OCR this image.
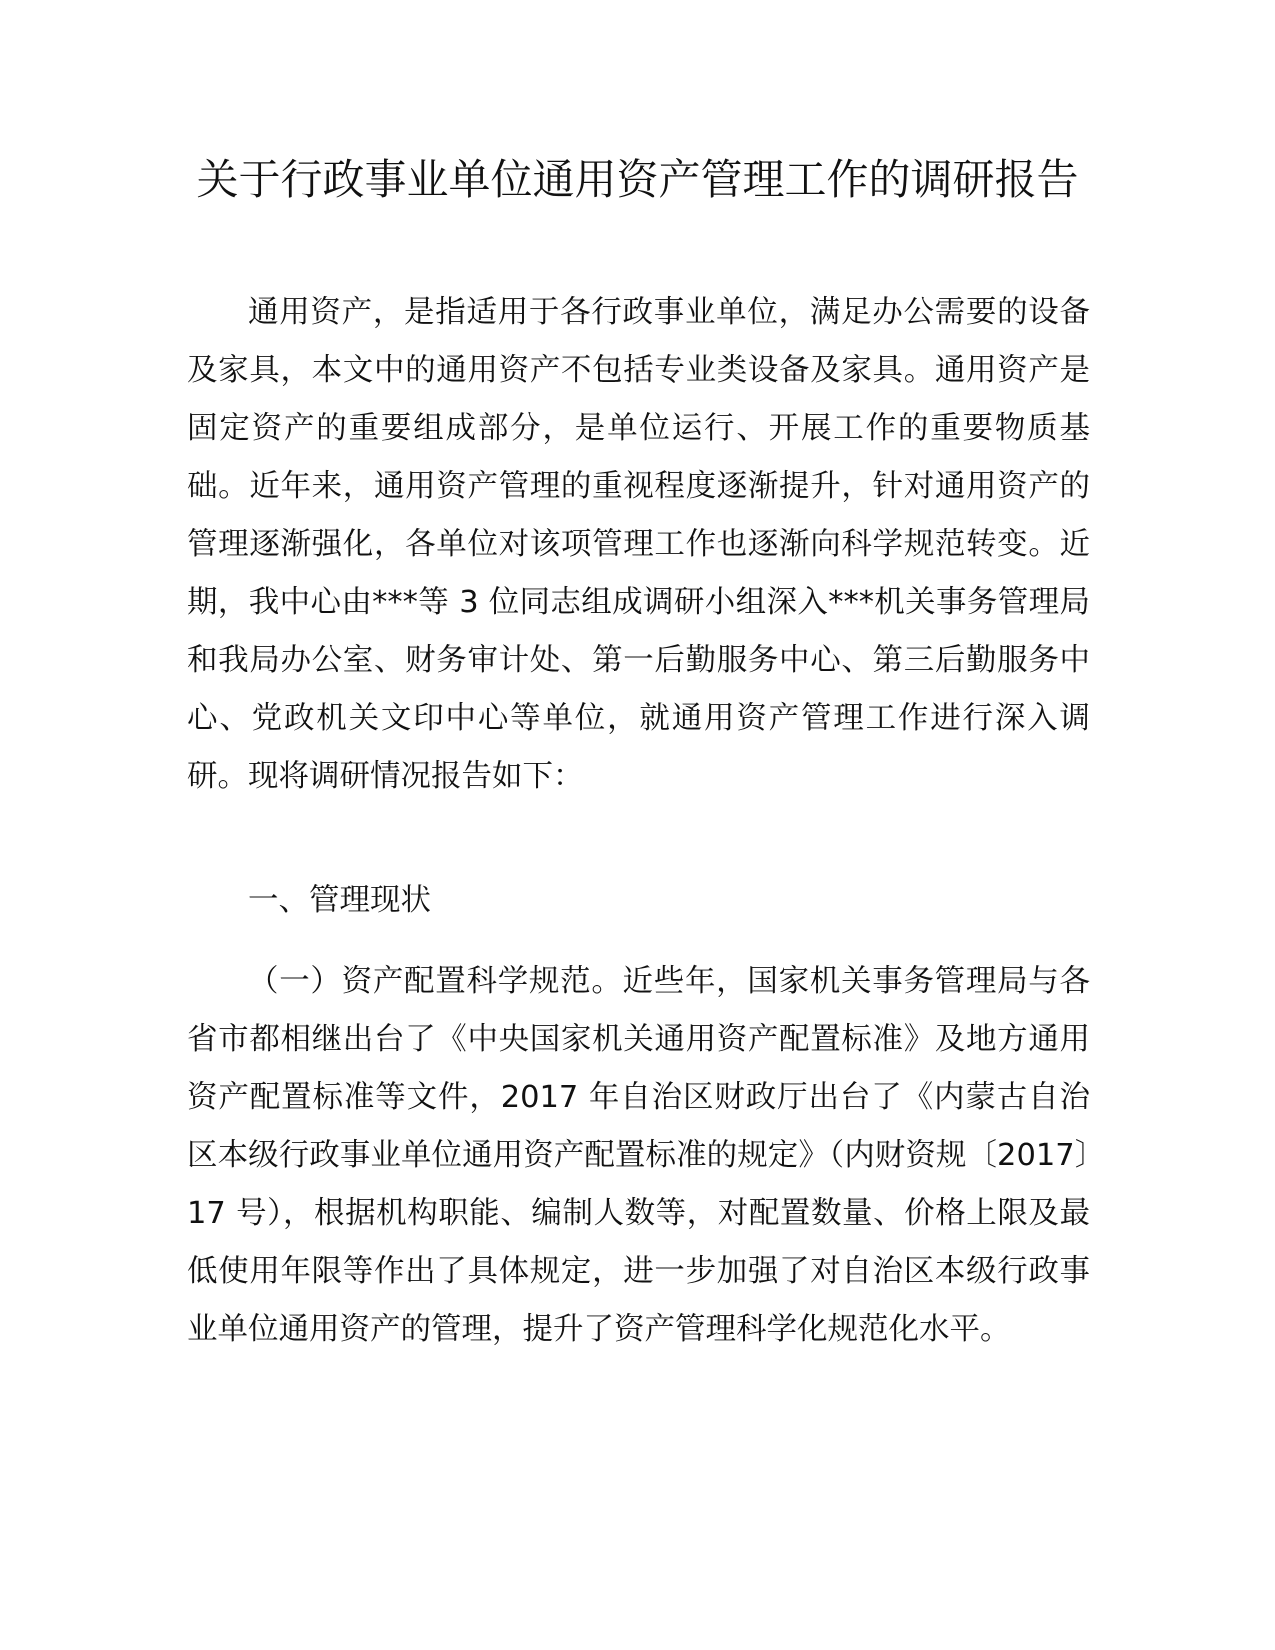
关于行政事业单位通用资产管理工作的调研报告

通用资产，是指适用于各行政事业单位，满足办公需要的设备及家具，本文中的通用资产不包括专业类设备及家具。通用资产是固定资产的重要组成部分，是单位运行、开展工作的重要物质基础。近年来，通用资产管理的重视程度逐渐提升，针对通用资产的管理逐渐强化，各单位对该项管理工作也逐渐向科学规范转变。近期，我中心由***等 3 位同志组成调研小组深入***机关事务管理局和我局办公室、财务审计处、第一后勤服务中心、第三后勤服务中心、党政机关文印中心等单位，就通用资产管理工作进行深入调研。现将调研情况报告如下：

一、管理现状

（一）资产配置科学规范。近些年，国家机关事务管理局与各省市都相继出台了《中央国家机关通用资产配置标准》及地方通用资产配置标准等文件，2017 年自治区财政厅出台了《内蒙古自治区本级行政事业单位通用资产配置标准的规定》（内财资规〔2017〕17 号），根据机构职能、编制人数等，对配置数量、价格上限及最低使用年限等作出了具体规定，进一步加强了对自治区本级行政事业单位通用资产的管理，提升了资产管理科学化规范化水平。
